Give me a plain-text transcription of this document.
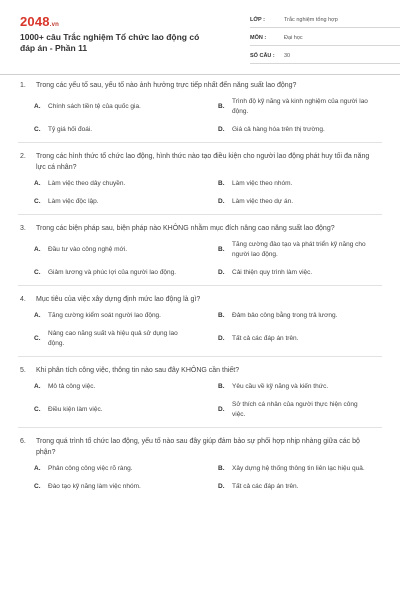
2048.vn
1000+ câu Trắc nghiệm Tổ chức lao động có đáp án - Phần 11
LỚP :	Trắc nghiệm tổng hợp
MÔN :	Đại học
SỐ CÂU :	30
1.	Trong các yếu tố sau, yếu tố nào ảnh hưởng trực tiếp nhất đến năng suất lao động?
A.	Chính sách tiền tệ của quốc gia.	B.
Trình độ kỹ năng và kinh nghiệm của người lao động.
C.	Tỷ giá hối đoái.	D.	Giá cả hàng hóa trên thị trường.
2.	Trong các hình thức tổ chức lao động, hình thức nào tạo điều kiện cho người lao động phát huy tối đa năng lực cá nhân?
A.	Làm việc theo dây chuyền.	B.	Làm việc theo nhóm.
C.	Làm việc độc lập.	D.	Làm việc theo dự án.
3.	Trong các biện pháp sau, biện pháp nào KHÔNG nhằm mục đích nâng cao năng suất lao động?
A.	Đầu tư vào công nghệ mới.	B.
Tăng cường đào tạo và phát triển kỹ năng cho người lao động.
C.	Giảm lương và phúc lợi của người lao động.	D.	Cải thiện quy trình làm việc.
4.	Mục tiêu của việc xây dựng định mức lao động là gì?
A.	Tăng cường kiểm soát người lao động.	B.	Đảm bảo công bằng trong trả lương.
C.
Nâng cao năng suất và hiệu quả sử dụng lao động.
D.	Tất cả các đáp án trên.
5.	Khi phân tích công việc, thông tin nào sau đây KHÔNG cần thiết?
A.	Mô tả công việc.	B.	Yêu cầu về kỹ năng và kiến thức.
C.	Điều kiện làm việc.	D.
Sở thích cá nhân của người thực hiện công việc.
6.	Trong quá trình tổ chức lao động, yếu tố nào sau đây giúp đảm bảo sự phối hợp nhịp nhàng giữa các bộ phận?
A.	Phân công công việc rõ ràng.	B.	Xây dựng hệ thống thông tin liên lạc hiệu quả.
C.	Đào tạo kỹ năng làm việc nhóm.	D.	Tất cả các đáp án trên.
